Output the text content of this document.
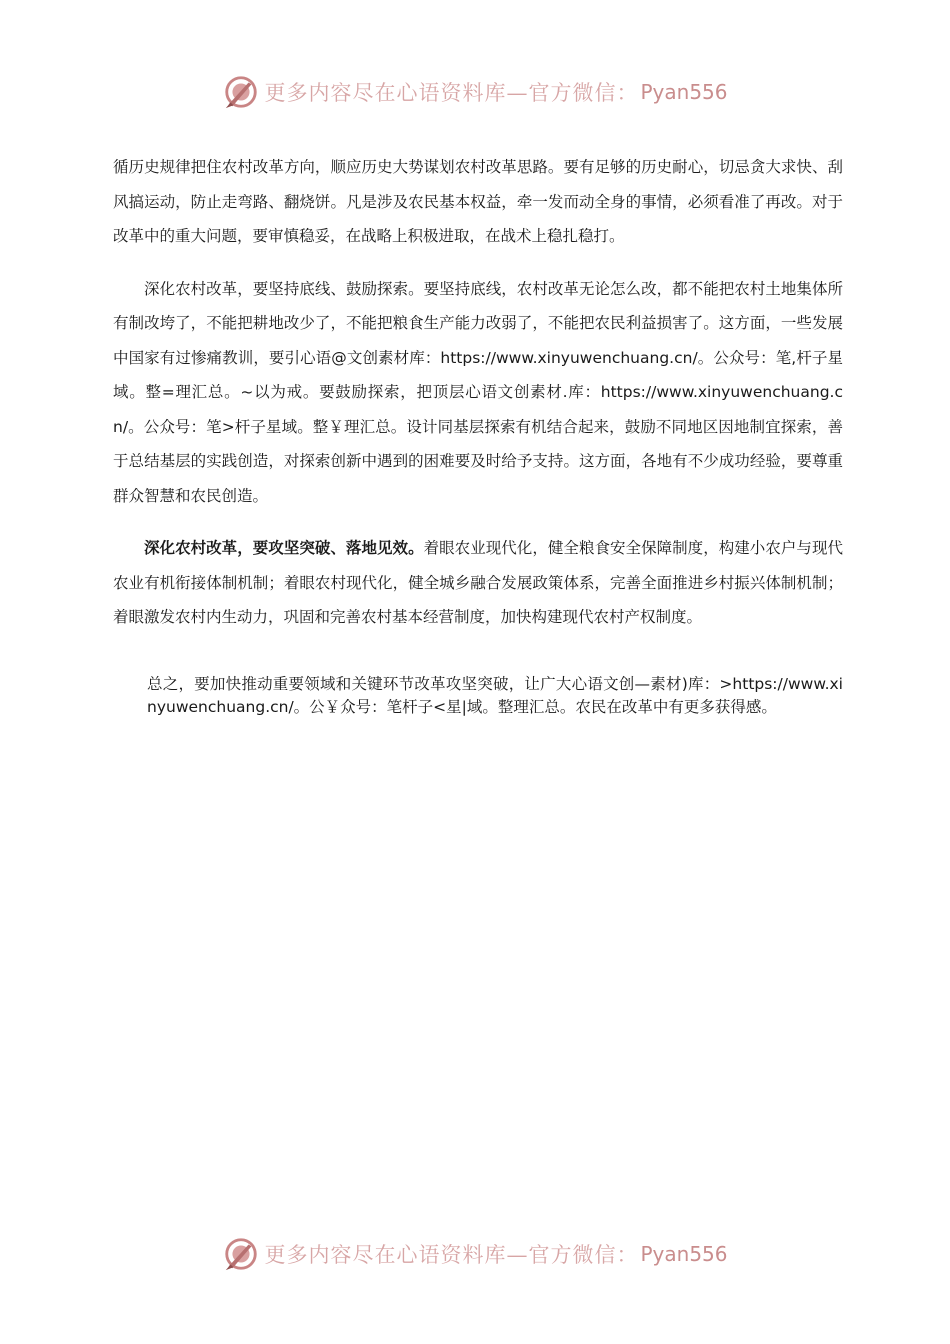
更多内容尽在心语资料库—官方微信： Pyan556

循历史规律把住农村改革方向，顺应历史大势谋划农村改革思路。要有足够的历史耐心，切忌贪大求快、刮风搞运动，防止走弯路、翻烧饼。凡是涉及农民基本权益，牵一发而动全身的事情，必须看准了再改。对于改革中的重大问题，要审慎稳妥，在战略上积极进取，在战术上稳扎稳打。

深化农村改革，要坚持底线、鼓励探索。要坚持底线，农村改革无论怎么改，都不能把农村土地集体所有制改垮了，不能把耕地改少了，不能把粮食生产能力改弱了，不能把农民利益损害了。这方面，一些发展中国家有过惨痛教训，要引心语@文创素材库：https://www.xinyuwenchuang.cn/。公众号：笔,杆子星域。整=理汇总。~以为戒。要鼓励探索，把顶层心语文创素材.库：https://www.xinyuwenchuang.cn/。公众号：笔>杆子星域。整￥理汇总。设计同基层探索有机结合起来，鼓励不同地区因地制宜探索，善于总结基层的实践创造，对探索创新中遇到的困难要及时给予支持。这方面，各地有不少成功经验，要尊重群众智慧和农民创造。

深化农村改革，要攻坚突破、落地见效。着眼农业现代化，健全粮食安全保障制度，构建小农户与现代农业有机衔接体制机制；着眼农村现代化，健全城乡融合发展政策体系，完善全面推进乡村振兴体制机制；着眼激发农村内生动力，巩固和完善农村基本经营制度，加快构建现代农村产权制度。

总之，要加快推动重要领域和关键环节改革攻坚突破，让广大心语文创—素材)库：>https://www.xinyuwenchuang.cn/。公￥众号：笔杆子<星|域。整理汇总。农民在改革中有更多获得感。

更多内容尽在心语资料库—官方微信： Pyan556
